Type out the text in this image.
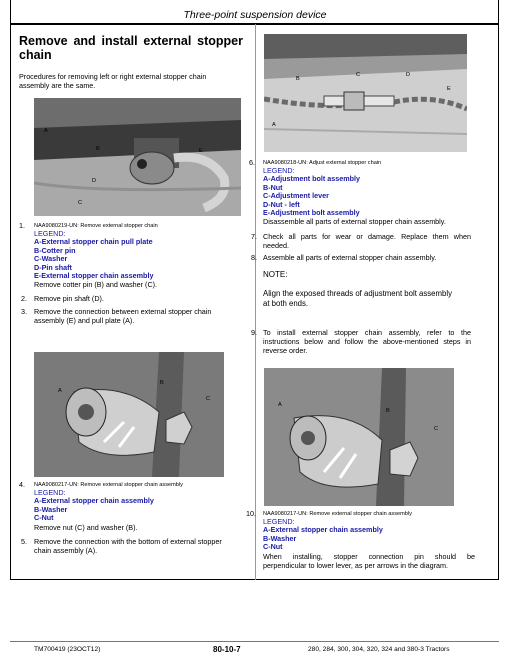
Three-point suspension device
Remove and install external stopper
chain
Procedures for removing left or right external stopper chain
assembly are the same.
A
B
C
D
E
1. NAA9080219-UN: Remove external stopper chain
LEGEND:
A-External stopper chain pull plate
B-Cotter pin
C-Washer
D-Pin shaft
E-External stopper chain assembly
Remove cotter pin (B) and washer (C).
2. Remove pin shaft (D).
3. Remove the connection between external stopper chain
assembly (E) and pull plate (A).
A
B
C
4. NAA9080217-UN: Remove external stopper chain assembly
LEGEND:
A-External stopper chain assembly
B-Washer
C-Nut
Remove nut (C) and washer (B).
5. Remove the connection with the bottom of external stopper
chain assembly (A).
B
C	D
E
A
6. NAA9080218-UN: Adjust external stopper chain
LEGEND:
A-Adjustment bolt assembly
B-Nut
C-Adjustment lever
D-Nut - left
E-Adjustment bolt assembly
Disassemble all parts of external stopper chain assembly.
7. Check all parts for wear or damage. Replace them when
needed.
8. Assemble all parts of external stopper chain assembly.
NOTE:
Align the exposed threads of adjustment bolt assembly
at both ends.
9. To install external stopper chain assembly, refer to the
instructions below and follow the above-mentioned steps in
reverse order.
A
B
C
10. NAA9080217-UN: Remove external stopper chain assembly
LEGEND:
A-External stopper chain assembly
B-Washer
C-Nut
When installing, stopper connection pin should be
perpendicular to lower lever, as per arrows in the diagram.
TM700419 (23OCT12)	80-10-7	280, 284, 300, 304, 320, 324 and 380-3 Tractors
